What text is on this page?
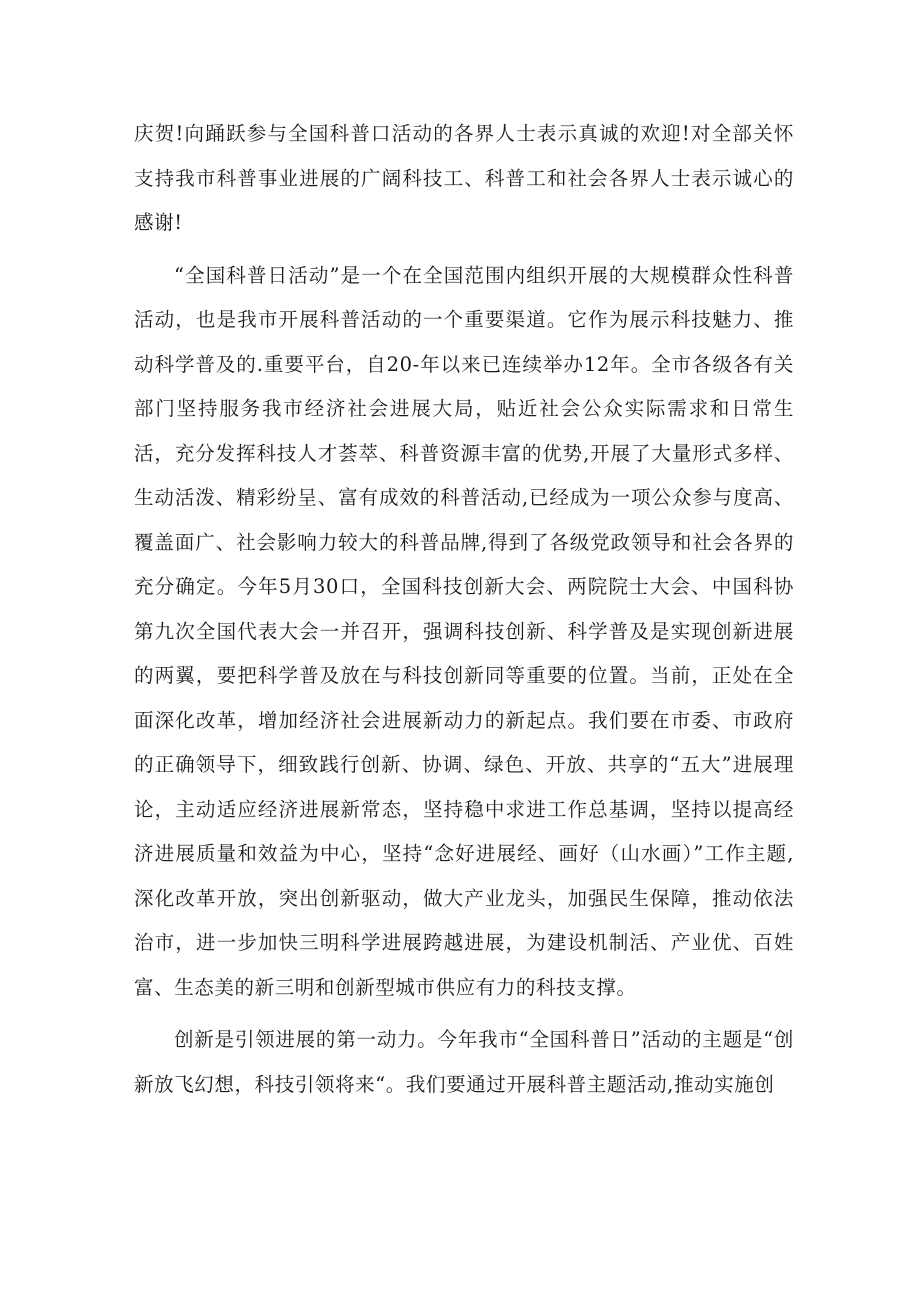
庆贺!向踊跃参与全国科普口活动的各界人士表示真诚的欢迎!对全部关怀支持我市科普事业进展的广阔科技工、科普工和社会各界人士表示诚心的感谢!

“全国科普日活动”是一个在全国范围内组织开展的大规模群众性科普活动，也是我市开展科普活动的一个重要渠道。它作为展示科技魅力、推动科学普及的.重要平台，自20-年以来已连续举办12年。全市各级各有关部门坚持服务我市经济社会进展大局，贴近社会公众实际需求和日常生活，充分发挥科技人才荟萃、科普资源丰富的优势,开展了大量形式多样、生动活泼、精彩纷呈、富有成效的科普活动,已经成为一项公众参与度高、覆盖面广、社会影响力较大的科普品牌,得到了各级党政领导和社会各界的充分确定。今年5月30口，全国科技创新大会、两院院士大会、中国科协第九次全国代表大会一并召开，强调科技创新、科学普及是实现创新进展的两翼，要把科学普及放在与科技创新同等重要的位置。当前，正处在全面深化改革，增加经济社会进展新动力的新起点。我们要在市委、市政府的正确领导下，细致践行创新、协调、绿色、开放、共享的“五大”进展理论，主动适应经济进展新常态，坚持稳中求进工作总基调，坚持以提高经济进展质量和效益为中心，坚持“念好进展经、画好（山水画）”工作主题,深化改革开放，突出创新驱动，做大产业龙头，加强民生保障，推动依法治市，进一步加快三明科学进展跨越进展，为建设机制活、产业优、百姓富、生态美的新三明和创新型城市供应有力的科技支撑。

创新是引领进展的第一动力。今年我市“全国科普日”活动的主题是“创新放飞幻想，科技引领将来“。我们要通过开展科普主题活动,推动实施创
